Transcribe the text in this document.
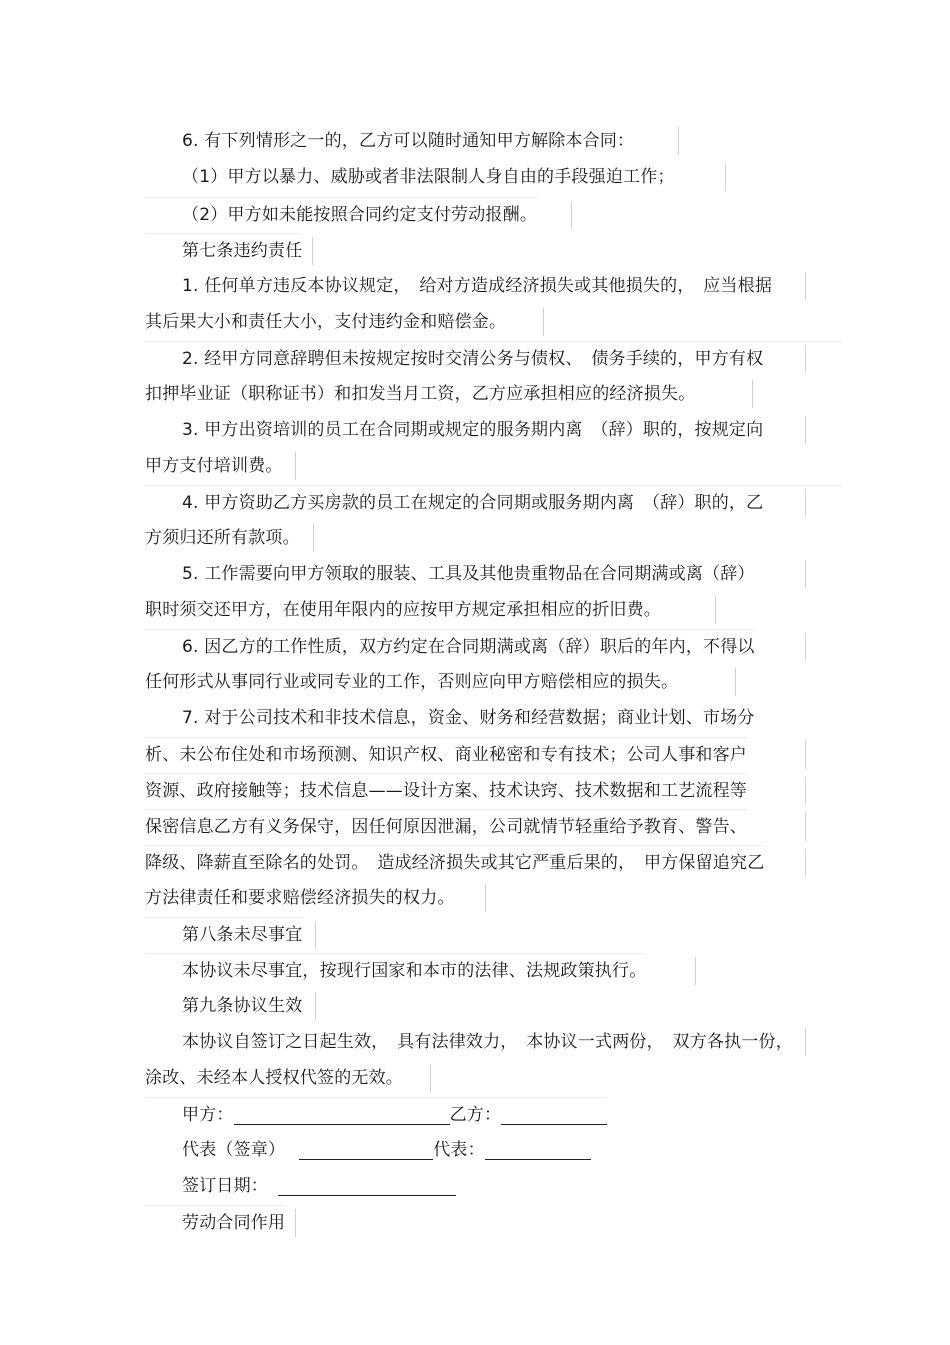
6. 有下列情形之一的，乙方可以随时通知甲方解除本合同：
（1）甲方以暴力、威胁或者非法限制人身自由的手段强迫工作；
（2）甲方如未能按照合同约定支付劳动报酬。
第七条违约责任
1. 任何单方违反本协议规定，　给对方造成经济损失或其他损失的，　应当根据
其后果大小和责任大小，支付违约金和赔偿金。
2. 经甲方同意辞聘但未按规定按时交清公务与债权、　债务手续的，甲方有权
扣押毕业证（职称证书）和扣发当月工资，乙方应承担相应的经济损失。
3. 甲方出资培训的员工在合同期或规定的服务期内离　（辞）职的，按规定向
甲方支付培训费。
4. 甲方资助乙方买房款的员工在规定的合同期或服务期内离　（辞）职的，乙
方须归还所有款项。
5. 工作需要向甲方领取的服装、工具及其他贵重物品在合同期满或离（辞）
职时须交还甲方，在使用年限内的应按甲方规定承担相应的折旧费。
6. 因乙方的工作性质，双方约定在合同期满或离（辞）职后的年内，不得以
任何形式从事同行业或同专业的工作，否则应向甲方赔偿相应的损失。
7. 对于公司技术和非技术信息，资金、财务和经营数据；商业计划、市场分
析、未公布住处和市场预测、知识产权、商业秘密和专有技术；公司人事和客户
资源、政府接触等；技术信息——设计方案、技术诀窍、技术数据和工艺流程等
保密信息乙方有义务保守，因任何原因泄漏，公司就情节轻重给予教育、警告、
降级、降薪直至除名的处罚。　造成经济损失或其它严重后果的，　甲方保留追究乙
方法律责任和要求赔偿经济损失的权力。
第八条未尽事宜
本协议未尽事宜，按现行国家和本市的法律、法规政策执行。
第九条协议生效
本协议自签订之日起生效，　具有法律效力，　本协议一式两份，　双方各执一份，
涂改、未经本人授权代签的无效。
甲方：	乙方：
代表（签章）	代表：
签订日期：
劳动合同作用
